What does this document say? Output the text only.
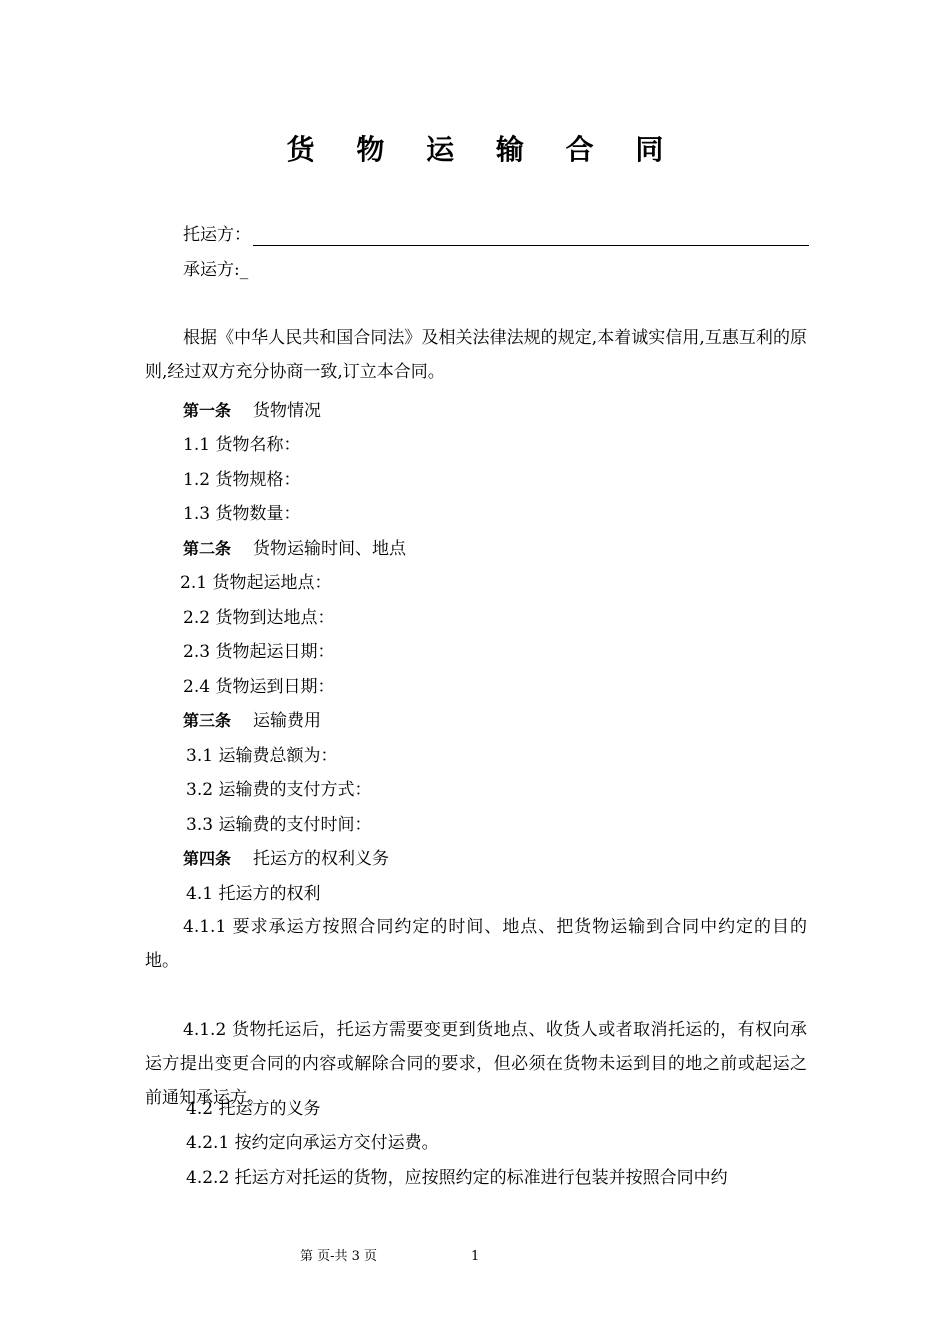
货 物 运 输 合 同
托运方：
承运方:_
根据《中华人民共和国合同法》及相关法律法规的规定,本着诚实信用,互惠互利的原则,经过双方充分协商一致,订立本合同。
第一条 货物情况
1.1 货物名称：
1.2 货物规格：
1.3 货物数量：
第二条 货物运输时间、地点
2.1 货物起运地点：
2.2 货物到达地点：
2.3 货物起运日期：
2.4 货物运到日期：
第三条 运输费用
3.1 运输费总额为：
3.2 运输费的支付方式：
3.3 运输费的支付时间：
第四条 托运方的权利义务
4.1 托运方的权利
4.1.1 要求承运方按照合同约定的时间、地点、把货物运输到合同中约定的目的地。
4.1.2 货物托运后，托运方需要变更到货地点、收货人或者取消托运的，有权向承运方提出变更合同的内容或解除合同的要求，但必须在货物未运到目的地之前或起运之前通知承运方。
4.2 托运方的义务
4.2.1 按约定向承运方交付运费。
4.2.2 托运方对托运的货物，应按照约定的标准进行包装并按照合同中约
第 页-共 3 页	1
